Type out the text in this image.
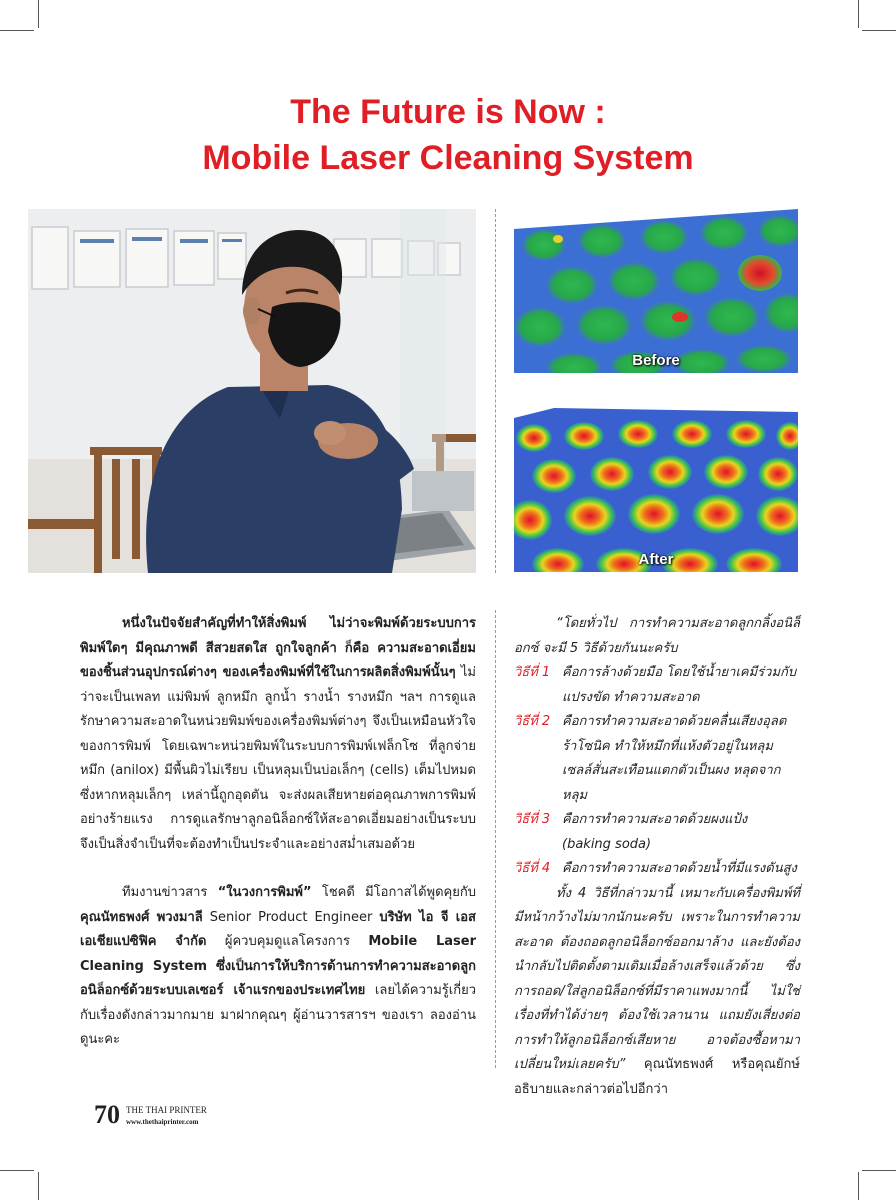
The Future is Now :
Mobile Laser Cleaning System
Before
After

หนึ่งในปัจจัยสำคัญที่ทำให้สิ่งพิมพ์ ไม่ว่าจะพิมพ์ด้วยระบบการพิมพ์ใดๆ มีคุณภาพดี สีสวยสดใส ถูกใจลูกค้า ก็คือ ความสะอาดเอี่ยมของชิ้นส่วนอุปกรณ์ต่างๆ ของเครื่องพิมพ์ที่ใช้ในการผลิตสิ่งพิมพ์นั้นๆ ไม่ว่าจะเป็นเพลท แม่พิมพ์ ลูกหมึก ลูกน้ำ รางน้ำ รางหมึก ฯลฯ การดูแลรักษาความสะอาดในหน่วยพิมพ์ของเครื่องพิมพ์ต่างๆ จึงเป็นเหมือนหัวใจของการพิมพ์ โดยเฉพาะหน่วยพิมพ์ในระบบการพิมพ์เฟล็กโซ ที่ลูกจ่ายหมึก (anilox) มีพื้นผิวไม่เรียบ เป็นหลุมเป็นบ่อเล็กๆ (cells) เต็มไปหมด ซึ่งหากหลุมเล็กๆ เหล่านี้ถูกอุดตัน จะส่งผลเสียหายต่อคุณภาพการพิมพ์อย่างร้ายแรง การดูแลรักษาลูกอนิล็อกซ์ให้สะอาดเอี่ยมอย่างเป็นระบบ จึงเป็นสิ่งจำเป็นที่จะต้องทำเป็นประจำและอย่างสม่ำเสมอด้วย

ทีมงานข่าวสาร “ในวงการพิมพ์” โชคดี มีโอกาสได้พูดคุยกับ คุณนัทธพงศ์ พวงมาลี Senior Product Engineer บริษัท ไอ จี เอส เอเชียแปซิฟิค จำกัด ผู้ควบคุมดูแลโครงการ Mobile Laser Cleaning System ซึ่งเป็นการให้บริการด้านการทำความสะอาดลูกอนิล็อกซ์ด้วยระบบเลเซอร์ เจ้าแรกของประเทศไทย เลยได้ความรู้เกี่ยวกับเรื่องดังกล่าวมากมาย มาฝากคุณๆ ผู้อ่านวารสารฯ ของเรา ลองอ่านดูนะคะ

“โดยทั่วไป การทำความสะอาดลูกกลิ้งอนิล็อกซ์ จะมี 5 วิธีด้วยกันนะครับ

วิธีที่ 1 คือการล้างด้วยมือ โดยใช้น้ำยาเคมีร่วมกับแปรงขัด ทำความสะอาด
วิธีที่ 2 คือการทำความสะอาดด้วยคลื่นเสียงอุลตร้าโซนิค ทำให้หมึกที่แห้งตัวอยู่ในหลุมเซลล์สั่นสะเทือนแตกตัวเป็นผง หลุดจากหลุม
วิธีที่ 3 คือการทำความสะอาดด้วยผงแป้ง (baking soda)
วิธีที่ 4 คือการทำความสะอาดด้วยน้ำที่มีแรงดันสูง

ทั้ง 4 วิธีที่กล่าวมานี้ เหมาะกับเครื่องพิมพ์ที่มีหน้ากว้างไม่มากนักนะครับ เพราะในการทำความสะอาด ต้องถอดลูกอนิล็อกซ์ออกมาล้าง และยังต้องนำกลับไปติดตั้งตามเดิมเมื่อล้างเสร็จแล้วด้วย ซึ่งการถอด/ใส่ลูกอนิล็อกซ์ที่มีราคาแพงมากนี้ ไม่ใช่เรื่องที่ทำได้ง่ายๆ ต้องใช้เวลานาน แถมยังเสี่ยงต่อการทำให้ลูกอนิล็อกซ์เสียหาย อาจต้องซื้อหามาเปลี่ยนใหม่เลยครับ” คุณนัทธพงศ์ หรือคุณยักษ์ อธิบายและกล่าวต่อไปอีกว่า

70 THE THAI PRINTER
www.thethaiprinter.com
